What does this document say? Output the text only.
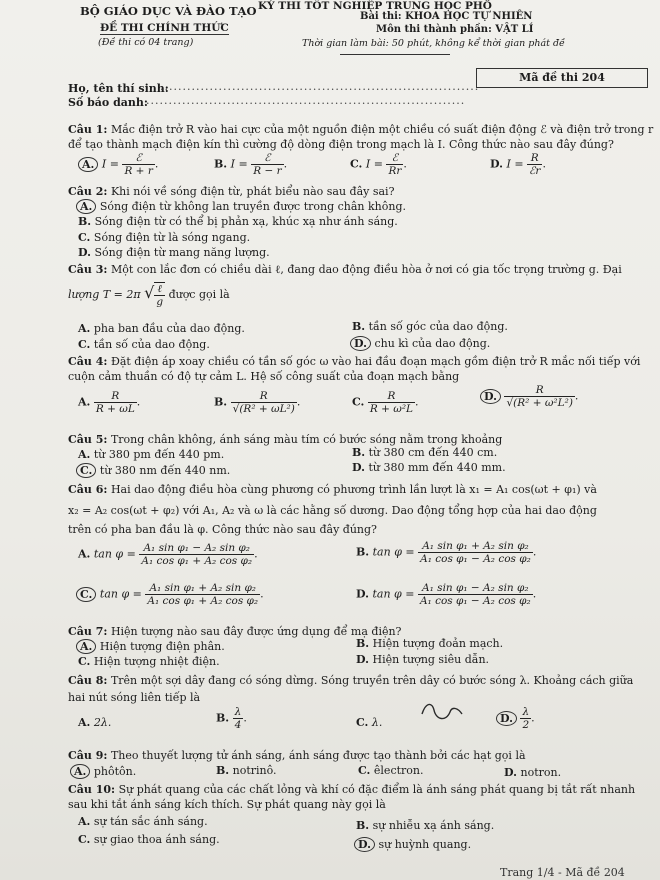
BỘ GIÁO DỤC VÀ ĐÀO TẠO
ĐỀ THI CHÍNH THỨC
(Đề thi có 04 trang)
KỲ THI TỐT NGHIỆP TRUNG HỌC PHỔ
Bài thi: KHOA HỌC TỰ NHIÊN
Môn thi thành phần: VẬT LÍ
Thời gian làm bài: 50 phút, không kể thời gian phát đề
Mã đề thi 204
Họ, tên thí sinh:
.......................................................................
Số báo danh:
.......................................................................
Câu 1: Mắc điện trở R vào hai cực của một nguồn điện một chiều có suất điện động ℰ và điện trở trong r
để tạo thành mạch điện kín thì cường độ dòng điện trong mạch là I. Công thức nào sau đây đúng?
A. $I = \frac{\text{ℰ}}{R + r}$ .	B. $I = \frac{\text{ℰ}}{R - r}$ .	C. $I = \frac{\text{ℰ}}{Rr}$ .	D. $I = \frac{R}{\text{ℰr}}$ .
Câu 2: Khi nói về sóng điện từ, phát biểu nào sau đây sai?
A. Sóng điện từ không lan truyền được trong chân không.
B. Sóng điện từ có thể bị phản xạ, khúc xạ như ánh sáng.
C. Sóng điện từ là sóng ngang.
D. Sóng điện từ mang năng lượng.
Câu 3: Một con lắc đơn có chiều dài ℓ, đang dao động điều hòa ở nơi có gia tốc trọng trường g. Đại
lượng T = 2π √ $\frac{\text{ℓ}}{g}$ được gọi là
A. pha ban đầu của dao động.	B. tần số góc của dao động.
C. tần số của dao động.	D. chu kì của dao động.
Câu 4: Đặt điện áp xoay chiều có tần số góc ω vào hai đầu đoạn mạch gồm điện trở R mắc nối tiếp với
cuộn cảm thuần có độ tự cảm L. Hệ số công suất của đoạn mạch bằng
A. $\frac{R}{R + \omega L}$ .	B. $\frac{R}{\text{√(R² + ωL²)}}$ .	C. $\frac{R}{\text{R + ω²L}}$ .	D. $\frac{R}{\text{√(R² + ω²L²)}}$ .
Câu 5: Trong chân không, ánh sáng màu tím có bước sóng nằm trong khoảng
A. từ 380 pm đến 440 pm.	B. từ 380 cm đến 440 cm.
C. từ 380 nm đến 440 nm.	D. từ 380 mm đến 440 mm.
Câu 6: Hai dao động điều hòa cùng phương có phương trình lần lượt là x₁ = A₁ cos(ωt + φ₁) và
x₂ = A₂ cos(ωt + φ₂) với A₁, A₂ và ω là các hằng số dương. Dao động tổng hợp của hai dao động
trên có pha ban đầu là φ. Công thức nào sau đây đúng?
A. $\tan \varphi = \frac{\text{A₁ sin φ₁ − A₂ sin φ₂}}{\text{A₁ cos φ₁ + A₂ cos φ₂}}$ .	B. $\tan \varphi = \frac{\text{A₁ sin φ₁ + A₂ sin φ₂}}{\text{A₁ cos φ₁ − A₂ cos φ₂}}$ .
C. $\tan \varphi = \frac{\text{A₁ sin φ₁ + A₂ sin φ₂}}{\text{A₁ cos φ₁ + A₂ cos φ₂}}$ .	D. $\tan \varphi = \frac{\text{A₁ sin φ₁ − A₂ sin φ₂}}{\text{A₁ cos φ₁ − A₂ cos φ₂}}$ .
Câu 7: Hiện tượng nào sau đây được ứng dụng để mạ điện?
A. Hiện tượng điện phân.	B. Hiện tượng đoản mạch.
C. Hiện tượng nhiệt điện.	D. Hiện tượng siêu dẫn.
Câu 8: Trên một sợi dây đang có sóng dừng. Sóng truyền trên dây có bước sóng λ. Khoảng cách giữa
hai nút sóng liên tiếp là
A. 2λ.	B. $\frac{\lambda}{4}$ .	C. λ.	D. $\frac{\lambda}{2}$ .
Câu 9: Theo thuyết lượng tử ánh sáng, ánh sáng được tạo thành bởi các hạt gọi là
A. phôtôn.	B. notrinô.	C. êlectron.	D. notron.
Câu 10: Sự phát quang của các chất lỏng và khí có đặc điểm là ánh sáng phát quang bị tắt rất nhanh
sau khi tắt ánh sáng kích thích. Sự phát quang này gọi là
A. sự tán sắc ánh sáng.	B. sự nhiễu xạ ánh sáng.
C. sự giao thoa ánh sáng.	D. sự huỳnh quang.
Trang 1/4 - Mã đề 204
